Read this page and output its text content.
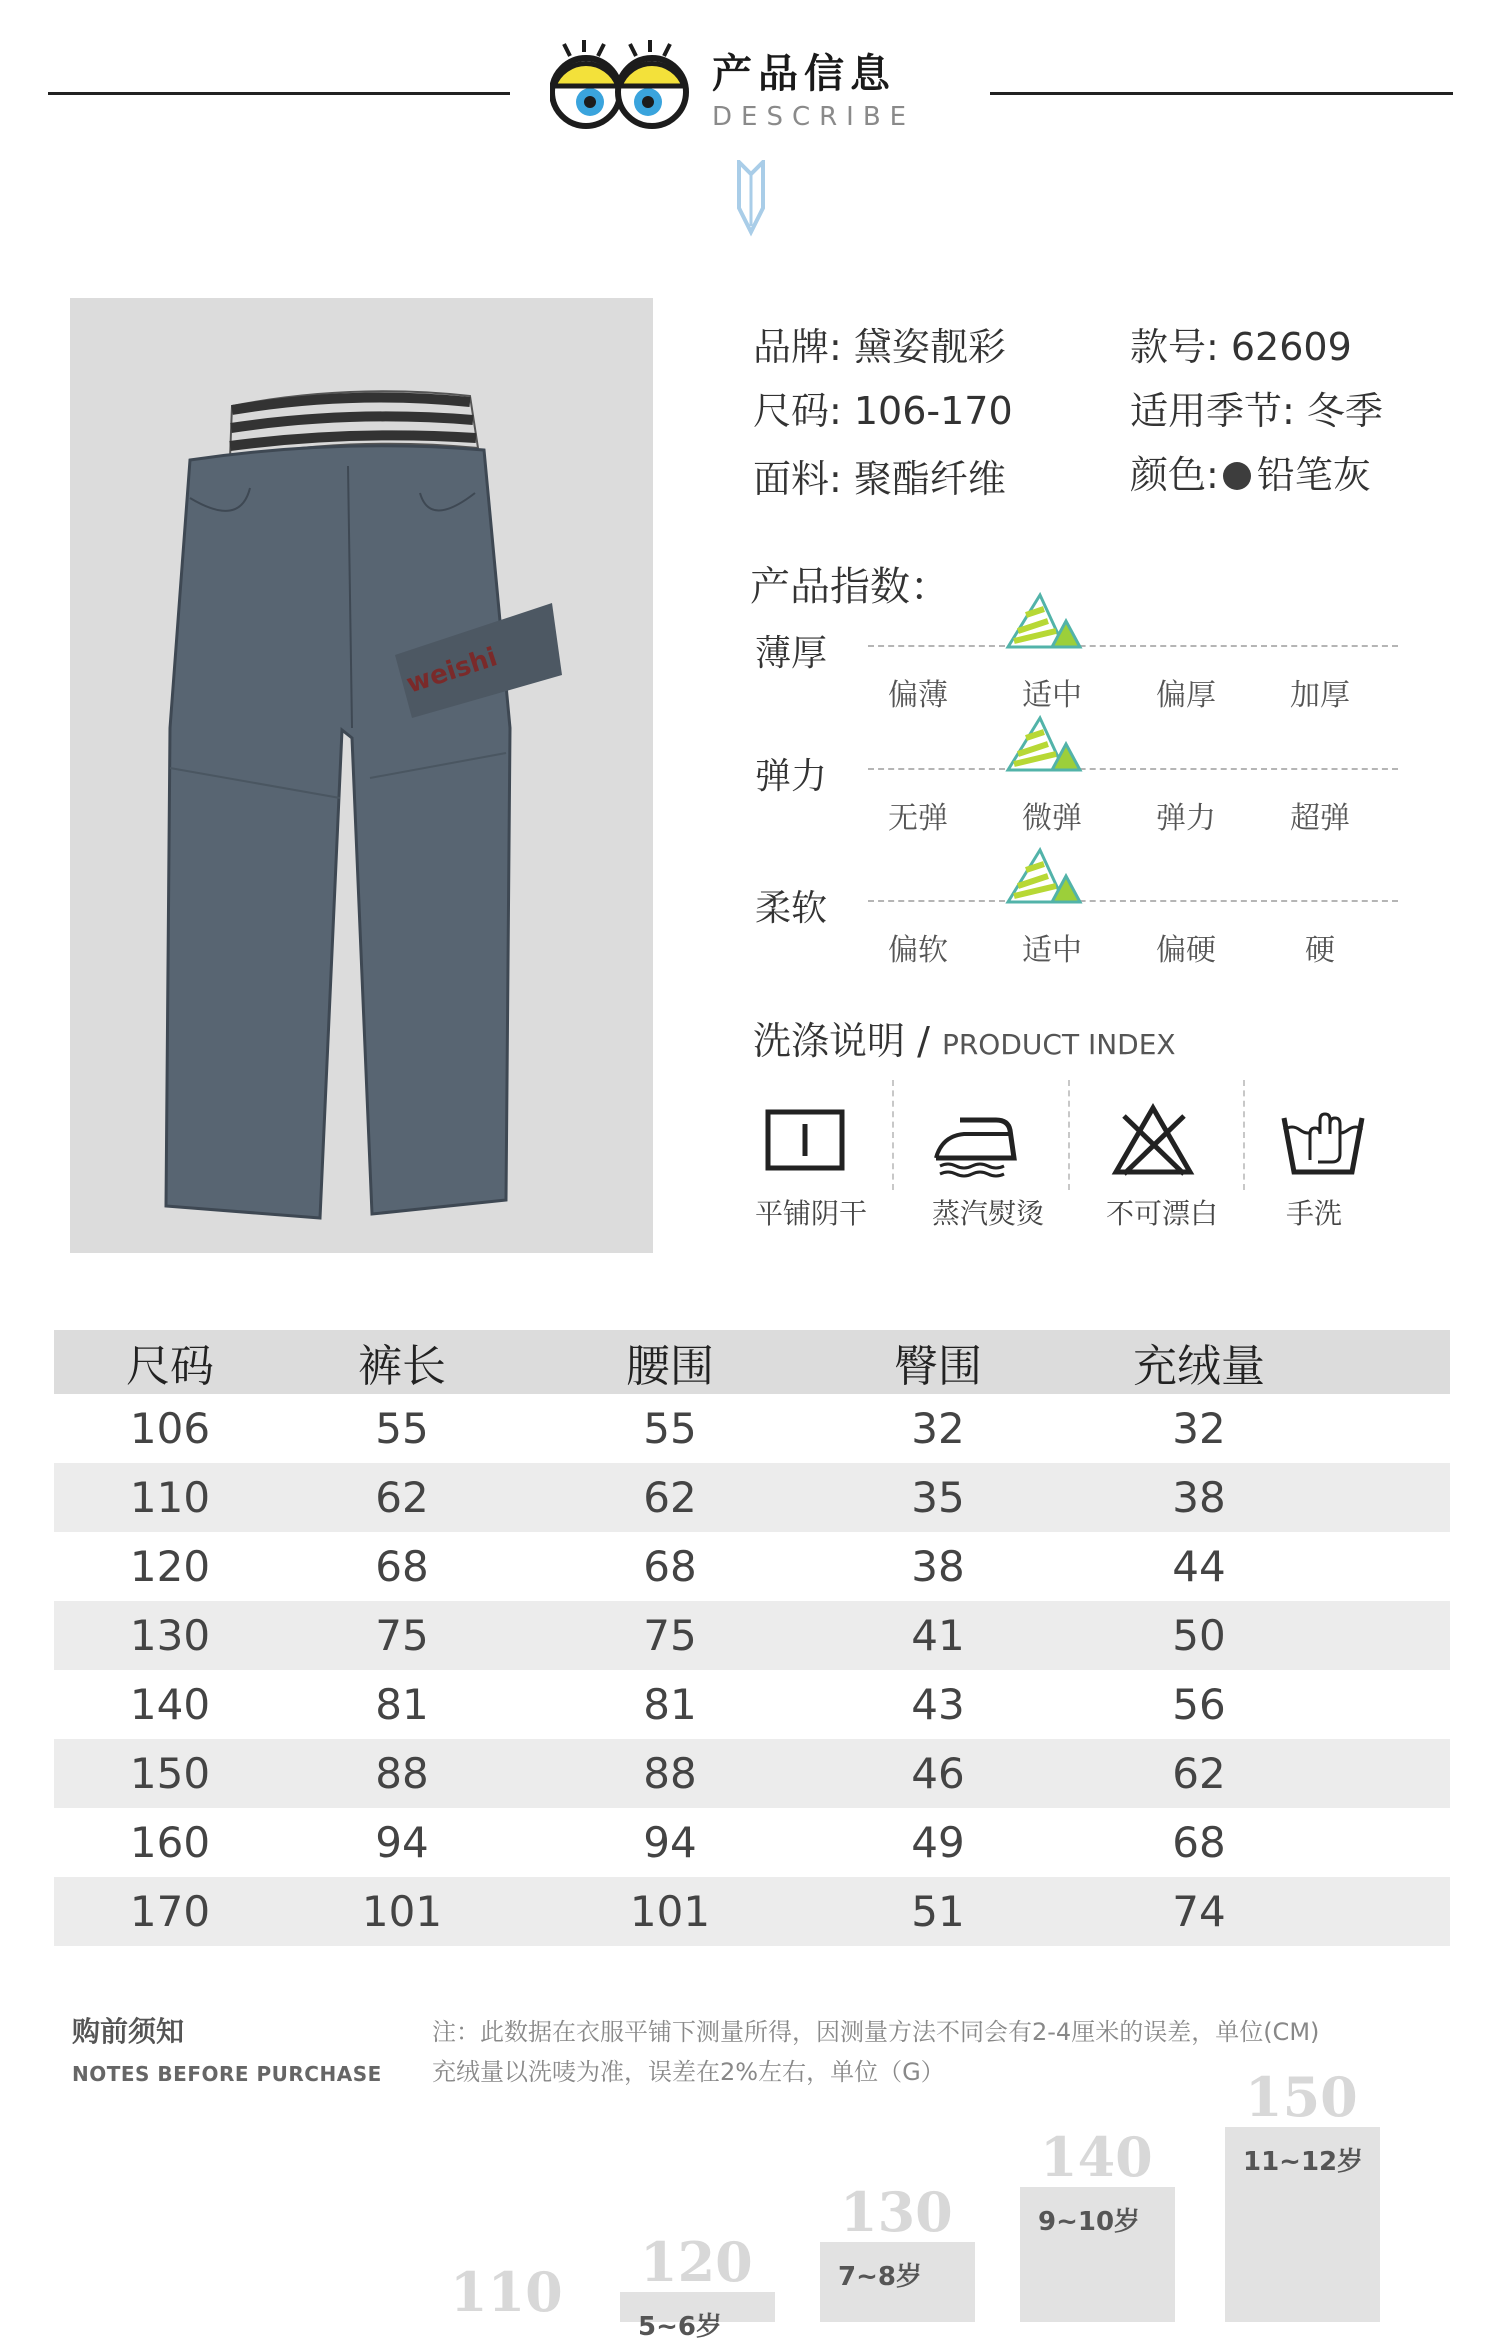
产品信息
DESCRIBE
weishi
品牌: 黛姿靓彩	款号: 62609
尺码: 106-170	适用季节: 冬季
面料: 聚酯纤维	颜色: 铅笔灰
产品指数：
薄厚
偏薄	适中	偏厚	加厚
弹力
无弹	微弹	弹力	超弹
柔软
偏软	适中	偏硬	硬
洗涤说明 / PRODUCT INDEX
平铺阴干	蒸汽熨烫	不可漂白	手洗
尺码	裤长	腰围	臀围	充绒量
106	55	55	32	32
110	62	62	35	38
120	68	68	38	44
130	75	75	41	50
140	81	81	43	56
150	88	88	46	62
160	94	94	49	68
170	101	101	51	74
购前须知
NOTES BEFORE PURCHASE
注：此数据在衣服平铺下测量所得，因测量方法不同会有2-4厘米的误差，单位(CM)
充绒量以洗唛为准，误差在2%左右，单位（G）
110 120
5~6岁
130
7~8岁
140
9~10岁
150
11~12岁
